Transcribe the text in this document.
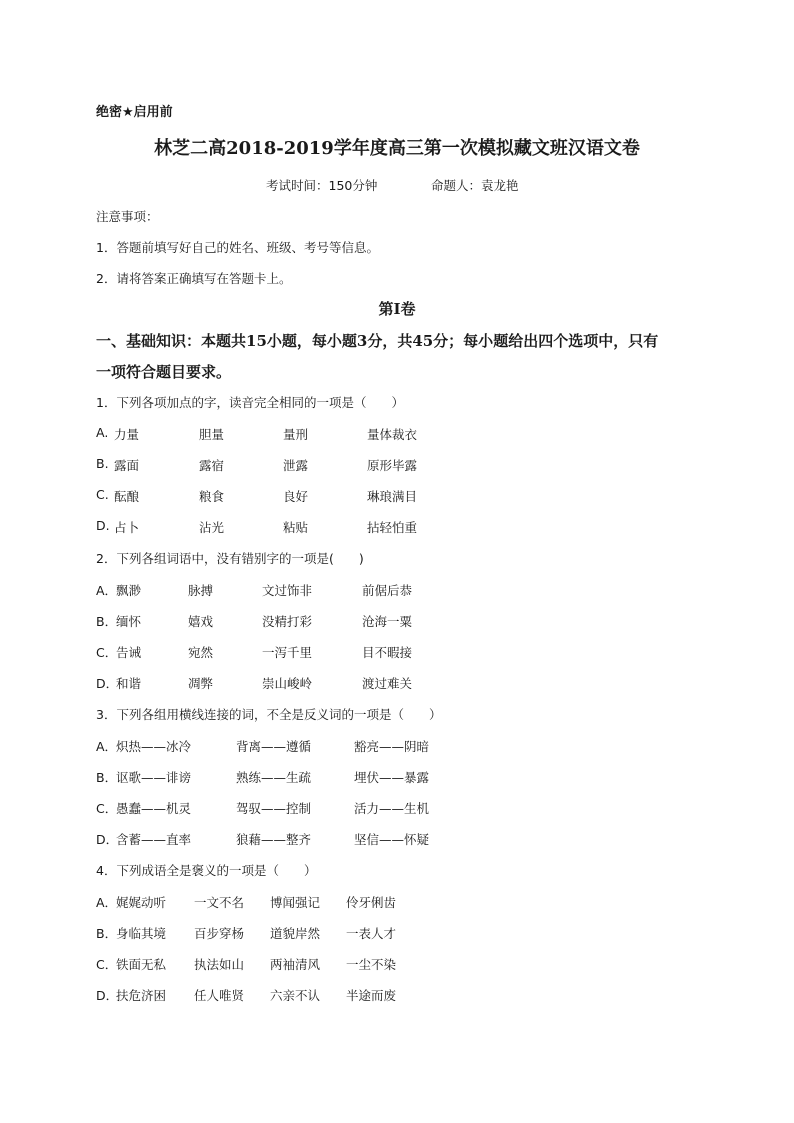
绝密★启用前
林芝二高2018-2019学年度高三第一次模拟藏文班汉语文卷
考试时间：150分钟	命题人：袁龙艳
注意事项：
1．答题前填写好自己的姓名、班级、考号等信息。
2．请将答案正确填写在答题卡上。
第I卷
一、基础知识：本题共15小题，每小题3分，共45分；每小题给出四个选项中，只有
一项符合题目要求。
1．下列各项加点的字，读音完全相同的一项是（　　）
A. 力量	胆量	量刑	量体裁衣
B. 露面	露宿	泄露	原形毕露
C. 酝酿	粮食	良好	琳琅满目
D. 占卜	沾光	粘贴	拈轻怕重
2．下列各组词语中，没有错别字的一项是(　　)
A．
飘渺	脉搏	文过饰非	前倨后恭
B．
缅怀	嬉戏	没精打彩	沧海一粟
C．
告诫	宛然	一泻千里	目不暇接
D．
和谐	凋弊	崇山峻岭	渡过难关
3．下列各组用横线连接的词，不全是反义词的一项是（　　）
A．
炽热——冰冷	背离——遵循	豁亮——阴暗
B．
讴歌——诽谤	熟练——生疏	埋伏——暴露
C．
愚蠢——机灵	驾驭——控制	活力——生机
D．
含蓄——直率	狼藉——整齐	坚信——怀疑
4．下列成语全是褒义的一项是（　　）
A．
娓娓动听 一文不名 博闻强记 伶牙俐齿
B．
身临其境 百步穿杨 道貌岸然 一表人才
C．
铁面无私 执法如山 两袖清风 一尘不染
D．
扶危济困 任人唯贤 六亲不认 半途而废
